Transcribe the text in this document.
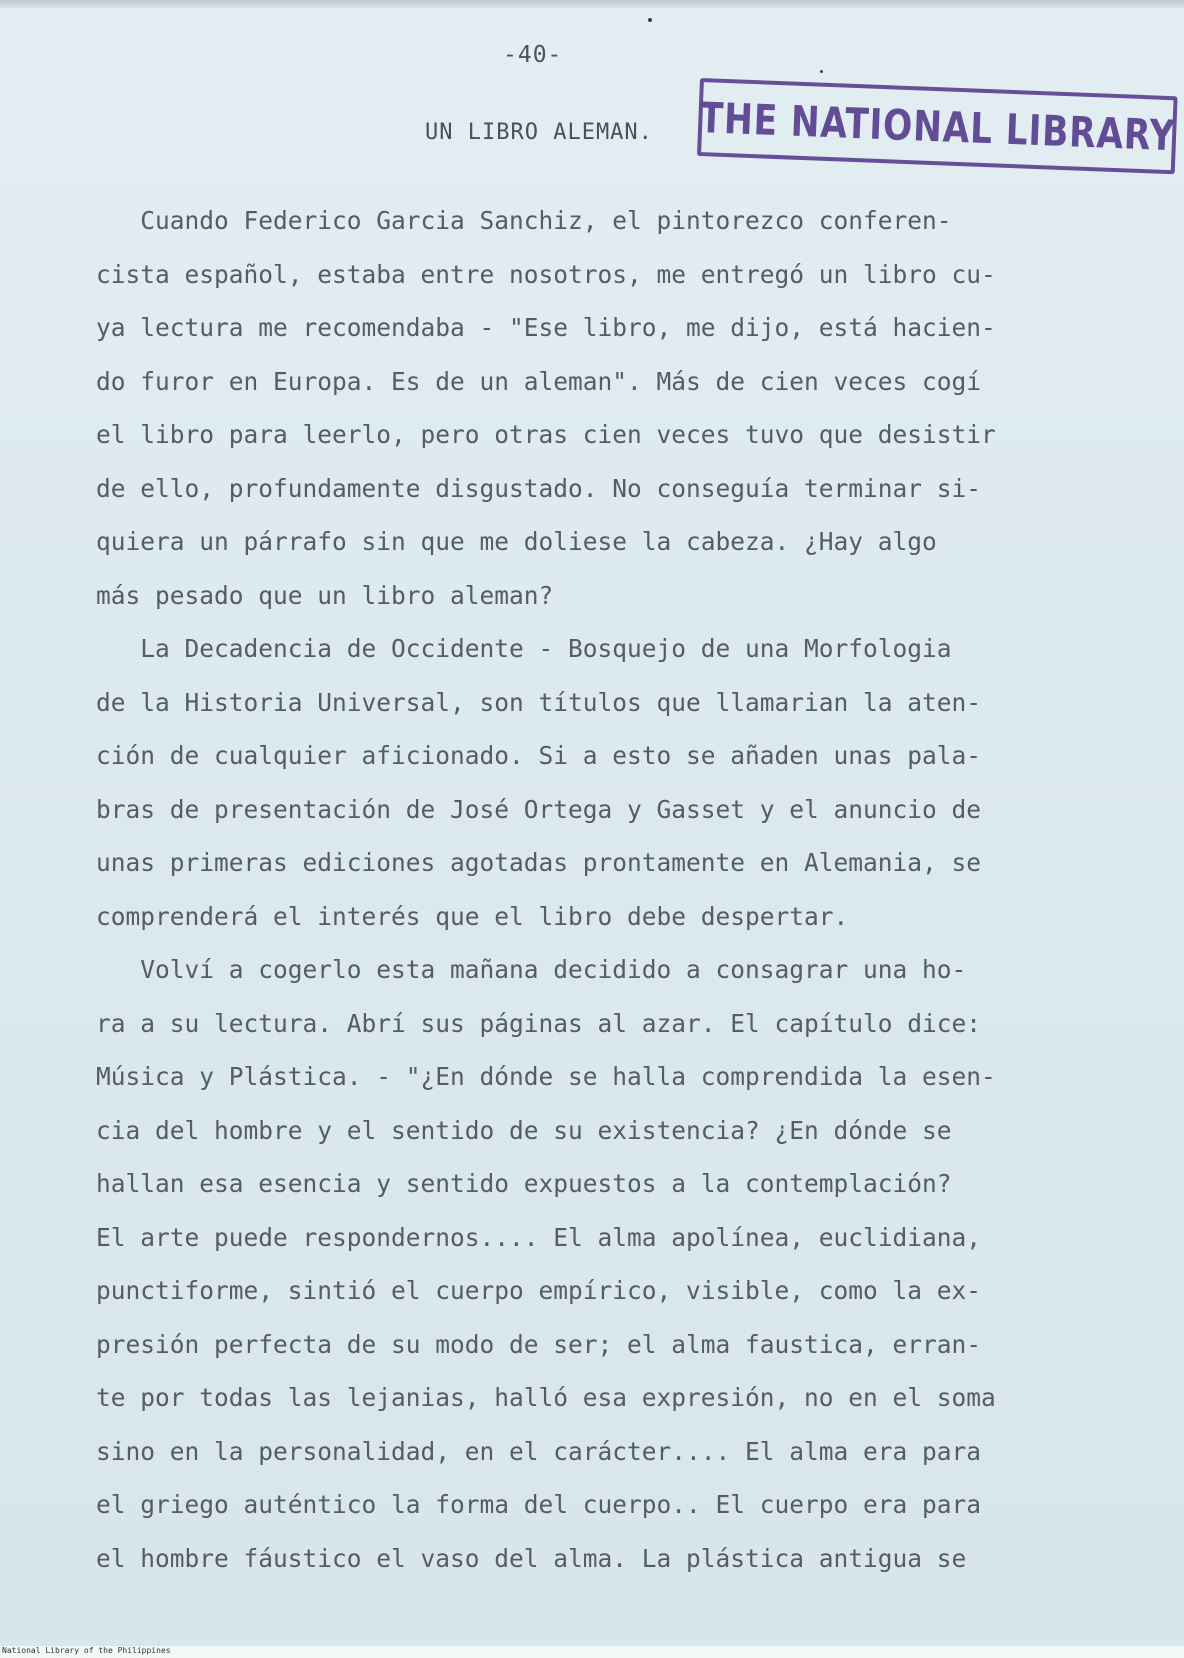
-40-
UN LIBRO ALEMAN. THE NATIONAL LIBRARY
Cuando Federico Garcia Sanchiz, el pintorezco conferen-
cista español, estaba entre nosotros, me entregó un libro cu-
ya lectura me recomendaba - "Ese libro, me dijo, está hacien-
do furor en Europa. Es de un aleman". Más de cien veces cogí
el libro para leerlo, pero otras cien veces tuvo que desistir
de ello, profundamente disgustado. No conseguía terminar si-
quiera un párrafo sin que me doliese la cabeza. ¿Hay algo
más pesado que un libro aleman?
La Decadencia de Occidente - Bosquejo de una Morfologia
de la Historia Universal, son títulos que llamarian la aten-
ción de cualquier aficionado. Si a esto se añaden unas pala-
bras de presentación de José Ortega y Gasset y el anuncio de
unas primeras ediciones agotadas prontamente en Alemania, se
comprenderá el interés que el libro debe despertar.
Volví a cogerlo esta mañana decidido a consagrar una ho-
ra a su lectura. Abrí sus páginas al azar. El capítulo dice:
Música y Plástica. - "¿En dónde se halla comprendida la esen-
cia del hombre y el sentido de su existencia? ¿En dónde se
hallan esa esencia y sentido expuestos a la contemplación?
El arte puede respondernos.... El alma apolínea, euclidiana,
punctiforme, sintió el cuerpo empírico, visible, como la ex-
presión perfecta de su modo de ser; el alma faustica, erran-
te por todas las lejanias, halló esa expresión, no en el soma
sino en la personalidad, en el carácter.... El alma era para
el griego auténtico la forma del cuerpo.. El cuerpo era para
el hombre fáustico el vaso del alma. La plástica antigua se
National Library of the Philippines
